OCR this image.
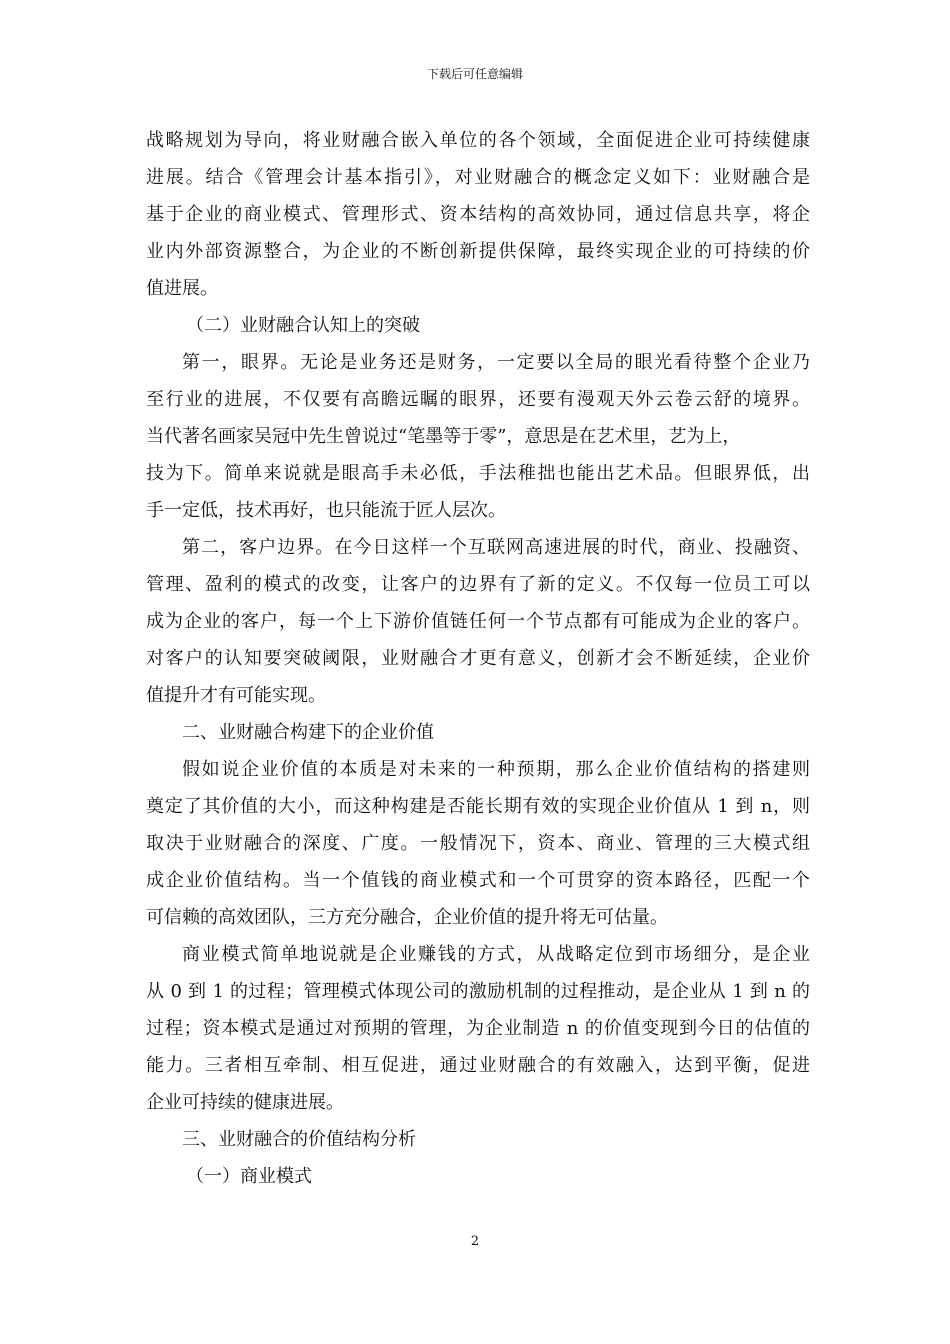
下载后可任意编辑
战略规划为导向，将业财融合嵌入单位的各个领域，全面促进企业可持续健康
进展。结合《管理会计基本指引》，对业财融合的概念定义如下：业财融合是
基于企业的商业模式、管理形式、资本结构的高效协同，通过信息共享，将企
业内外部资源整合，为企业的不断创新提供保障，最终实现企业的可持续的价
值进展。
（二）业财融合认知上的突破
第一，眼界。无论是业务还是财务，一定要以全局的眼光看待整个企业乃
至行业的进展，不仅要有高瞻远瞩的眼界，还要有漫观天外云卷云舒的境界。
当代著名画家吴冠中先生曾说过“笔墨等于零”，意思是在艺术里，艺为上，
技为下。简单来说就是眼高手未必低，手法稚拙也能出艺术品。但眼界低，出
手一定低，技术再好，也只能流于匠人层次。
第二，客户边界。在今日这样一个互联网高速进展的时代，商业、投融资、
管理、盈利的模式的改变，让客户的边界有了新的定义。不仅每一位员工可以
成为企业的客户，每一个上下游价值链任何一个节点都有可能成为企业的客户。
对客户的认知要突破阈限，业财融合才更有意义，创新才会不断延续，企业价
值提升才有可能实现。
二、业财融合构建下的企业价值
假如说企业价值的本质是对未来的一种预期，那么企业价值结构的搭建则
奠定了其价值的大小，而这种构建是否能长期有效的实现企业价值从 1 到 n，则
取决于业财融合的深度、广度。一般情况下，资本、商业、管理的三大模式组
成企业价值结构。当一个值钱的商业模式和一个可贯穿的资本路径，匹配一个
可信赖的高效团队，三方充分融合，企业价值的提升将无可估量。
商业模式简单地说就是企业赚钱的方式，从战略定位到市场细分，是企业
从 0 到 1 的过程；管理模式体现公司的激励机制的过程推动，是企业从 1 到 n 的
过程；资本模式是通过对预期的管理，为企业制造 n 的价值变现到今日的估值的
能力。三者相互牵制、相互促进，通过业财融合的有效融入，达到平衡，促进
企业可持续的健康进展。
三、业财融合的价值结构分析
（一）商业模式
2
